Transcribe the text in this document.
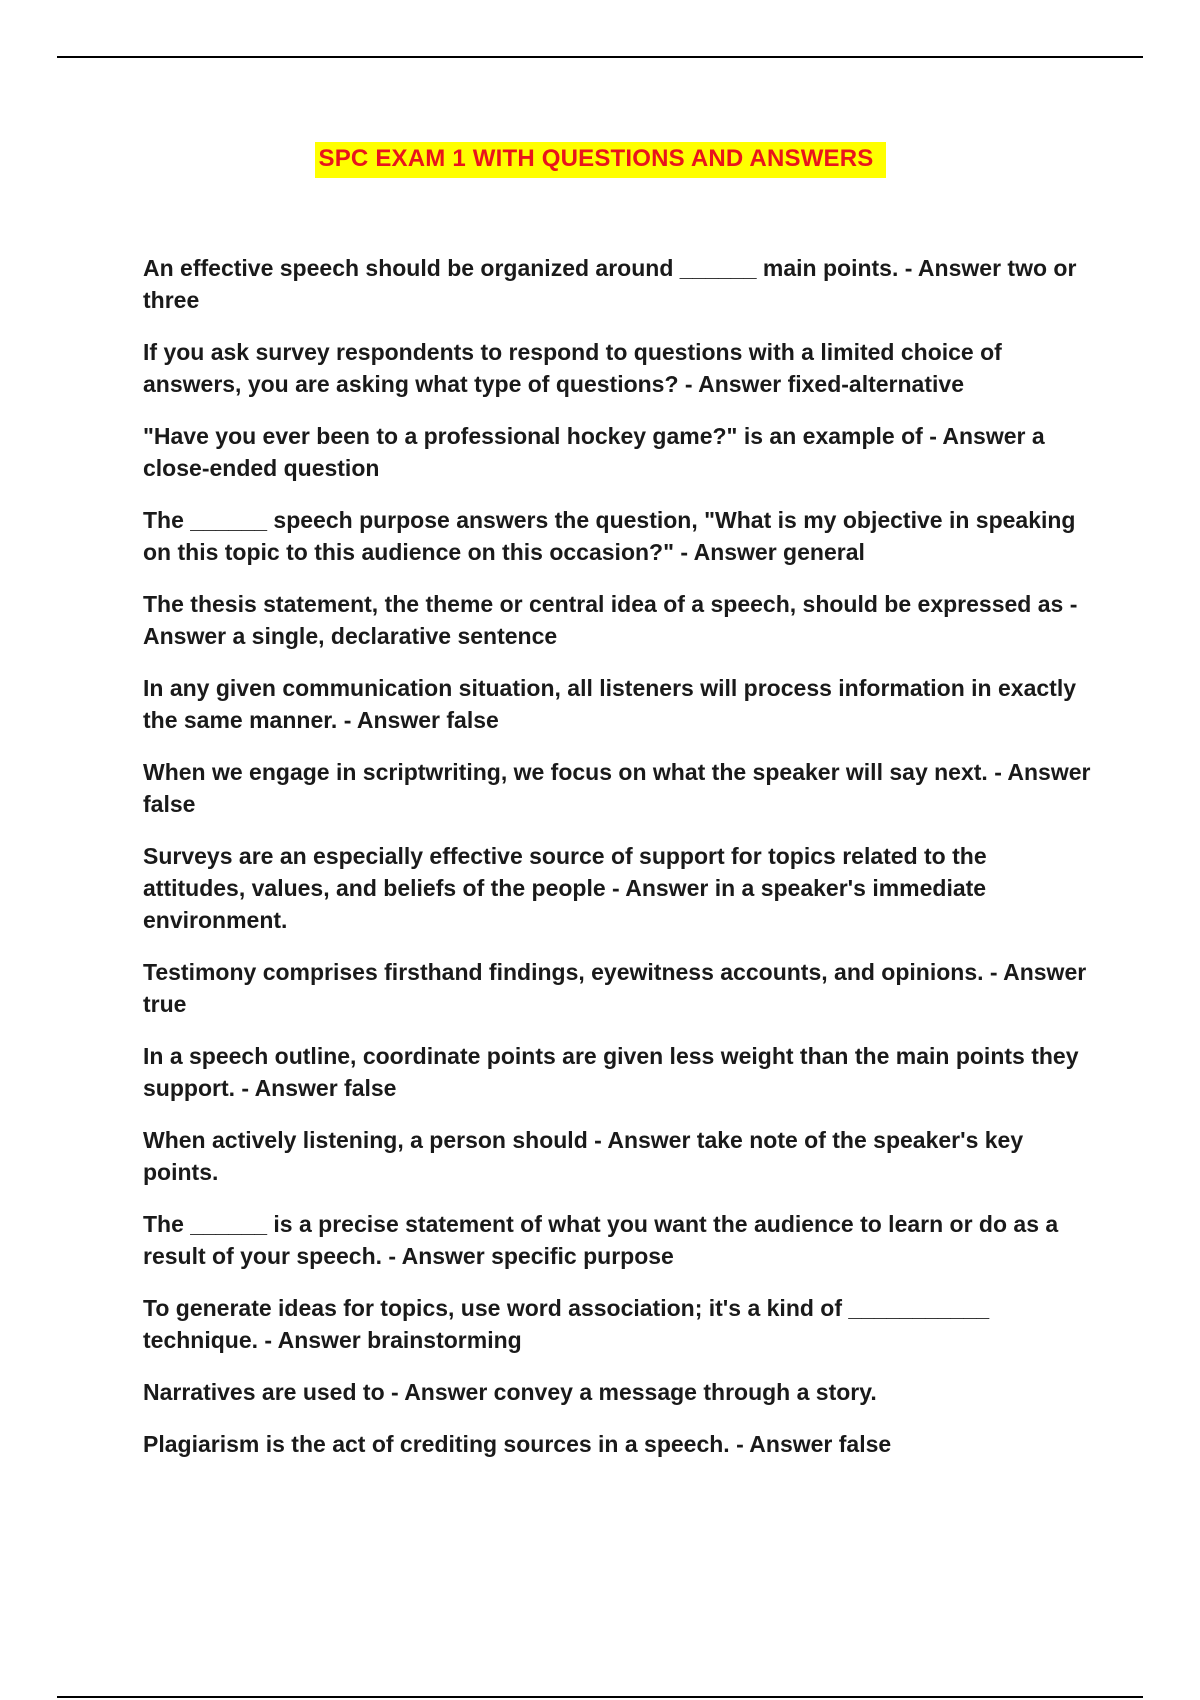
SPC EXAM 1 WITH QUESTIONS AND ANSWERS

An effective speech should be organized around ______ main points. - Answer two or three

If you ask survey respondents to respond to questions with a limited choice of answers, you are asking what type of questions? - Answer fixed-alternative

"Have you ever been to a professional hockey game?" is an example of - Answer a close-ended question

The ______ speech purpose answers the question, "What is my objective in speaking on this topic to this audience on this occasion?" - Answer general

The thesis statement, the theme or central idea of a speech, should be expressed as - Answer a single, declarative sentence

In any given communication situation, all listeners will process information in exactly the same manner. - Answer false

When we engage in scriptwriting, we focus on what the speaker will say next. - Answer false

Surveys are an especially effective source of support for topics related to the attitudes, values, and beliefs of the people - Answer in a speaker's immediate environment.

Testimony comprises firsthand findings, eyewitness accounts, and opinions. - Answer true

In a speech outline, coordinate points are given less weight than the main points they support. - Answer false

When actively listening, a person should - Answer take note of the speaker's key points.

The ______ is a precise statement of what you want the audience to learn or do as a result of your speech. - Answer specific purpose

To generate ideas for topics, use word association; it's a kind of ___________ technique. - Answer brainstorming

Narratives are used to - Answer convey a message through a story.

Plagiarism is the act of crediting sources in a speech. - Answer false
